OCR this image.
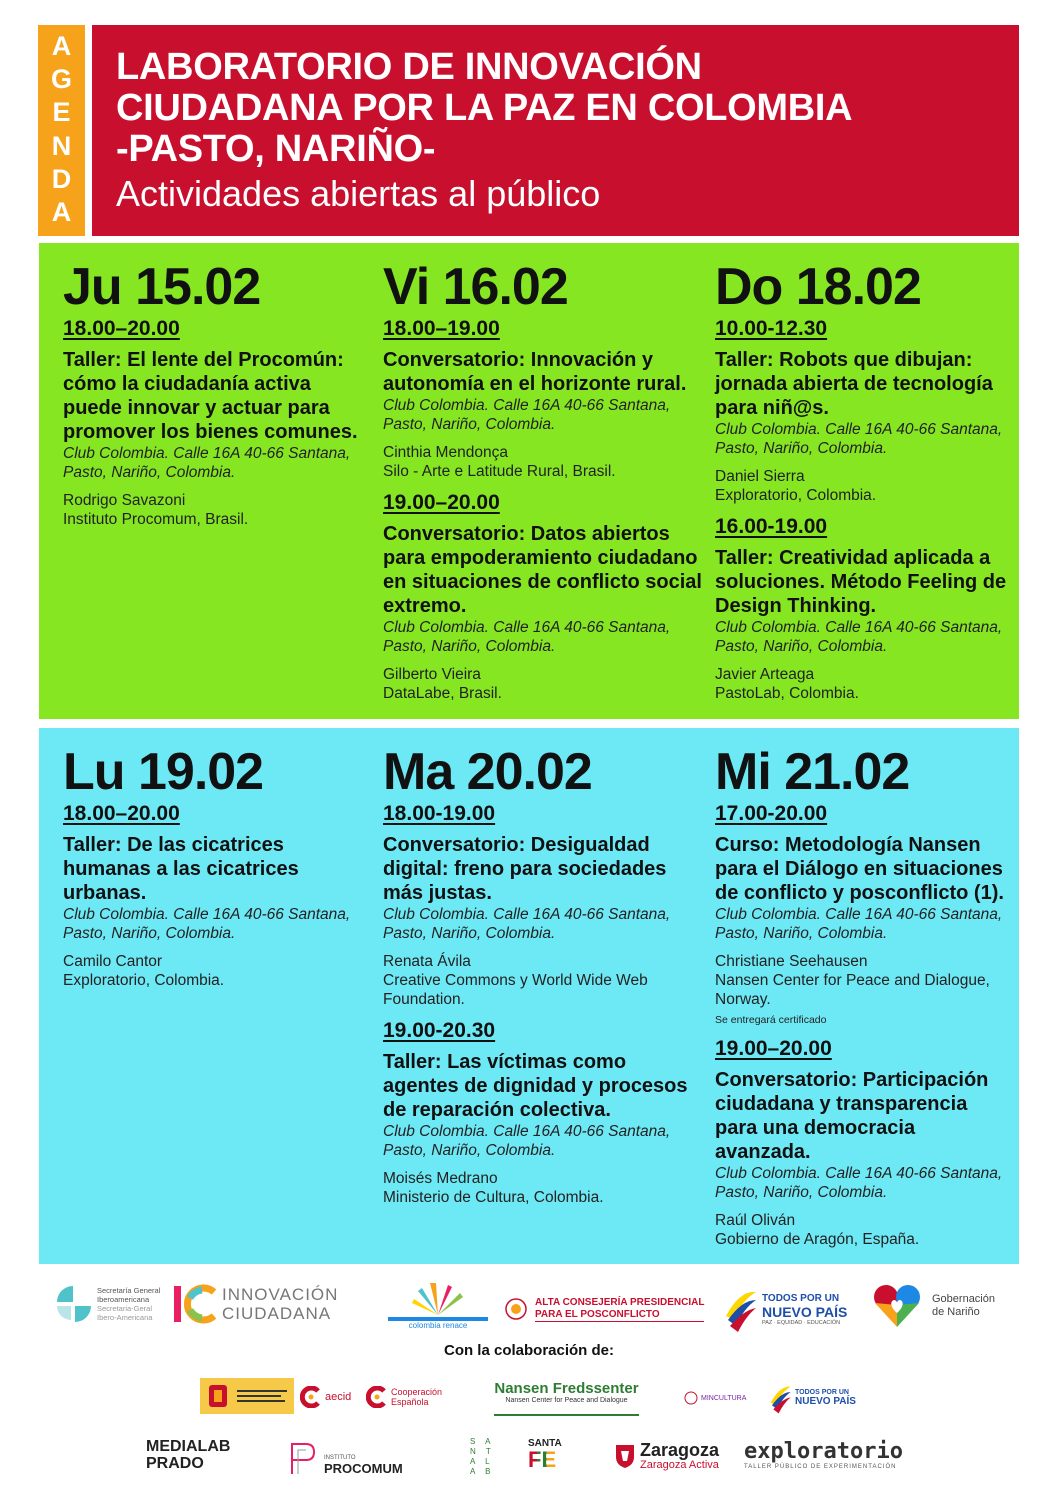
A
G
E
N
D
A
LABORATORIO DE INNOVACIÓN
CIUDADANA POR LA PAZ EN COLOMBIA
-PASTO, NARIÑO-
Actividades abiertas al público
Ju 15.02
18.00–20.00
Taller: El lente del Procomún: cómo la ciudadanía activa puede innovar y actuar para promover los bienes comunes.
Club Colombia. Calle 16A 40-66 Santana, Pasto, Nariño, Colombia.
Rodrigo Savazoni
Instituto Procomum, Brasil.
Vi 16.02
18.00–19.00
Conversatorio: Innovación y autonomía en el horizonte rural.
Club Colombia. Calle 16A 40-66 Santana, Pasto, Nariño, Colombia.
Cinthia Mendonça
Silo - Arte e Latitude Rural, Brasil.
19.00–20.00
Conversatorio: Datos abiertos para empoderamiento ciudadano en situaciones de conflicto social extremo.
Club Colombia. Calle 16A 40-66 Santana, Pasto, Nariño, Colombia.
Gilberto Vieira
DataLabe, Brasil.
Do 18.02
10.00-12.30
Taller: Robots que dibujan: jornada abierta de tecnología para niñ@s.
Club Colombia. Calle 16A 40-66 Santana, Pasto, Nariño, Colombia.
Daniel Sierra
Exploratorio, Colombia.
16.00-19.00
Taller: Creatividad aplicada a soluciones. Método Feeling de Design Thinking.
Club Colombia. Calle 16A 40-66 Santana, Pasto, Nariño, Colombia.
Javier Arteaga
PastoLab, Colombia.
Lu 19.02
18.00–20.00
Taller: De las cicatrices humanas a las cicatrices urbanas.
Club Colombia. Calle 16A 40-66 Santana, Pasto, Nariño, Colombia.
Camilo Cantor
Exploratorio, Colombia.
Ma 20.02
18.00-19.00
Conversatorio: Desigualdad digital: freno para sociedades más justas.
Club Colombia. Calle 16A 40-66 Santana, Pasto, Nariño, Colombia.
Renata Ávila
Creative Commons y World Wide Web Foundation.
19.00-20.30
Taller: Las víctimas como agentes de dignidad y procesos de reparación colectiva.
Club Colombia. Calle 16A 40-66 Santana, Pasto, Nariño, Colombia.
Moisés Medrano
Ministerio de Cultura, Colombia.
Mi 21.02
17.00-20.00
Curso: Metodología Nansen para el Diálogo en situaciones de conflicto y posconflicto (1).
Club Colombia. Calle 16A 40-66 Santana, Pasto, Nariño, Colombia.
Christiane Seehausen
Nansen Center for Peace and Dialogue, Norway.
Se entregará certificado
19.00–20.00
Conversatorio: Participación ciudadana y transparencia para una democracia avanzada.
Club Colombia. Calle 16A 40-66 Santana, Pasto, Nariño, Colombia.
Raúl Oliván
Gobierno de Aragón, España.
Secretaría General
Iberoamericana
Secretaria-Geral
Ibero-Americana
INNOVACIÓN CIUDADANA
colombia renace
ALTA CONSEJERÍA PRESIDENCIAL
PARA EL POSCONFLICTO
TODOS POR UN
NUEVO PAÍS
PAZ · EQUIDAD · EDUCACIÓN
Gobernación
de Nariño
Con la colaboración de:
aecid	Cooperación
Española
Nansen Fredssenter
Nansen Center for Peace and Dialogue	MINCULTURA
TODOS POR UN
NUEVO PAÍS
MEDIALAB
PRADO	INSTITUTO
PROCOMUM
S A N T A L A B
SANTA
FE	Zaragoza
Zaragoza Activa
exploratorio
TALLER PÚBLICO DE EXPERIMENTACIÓN
